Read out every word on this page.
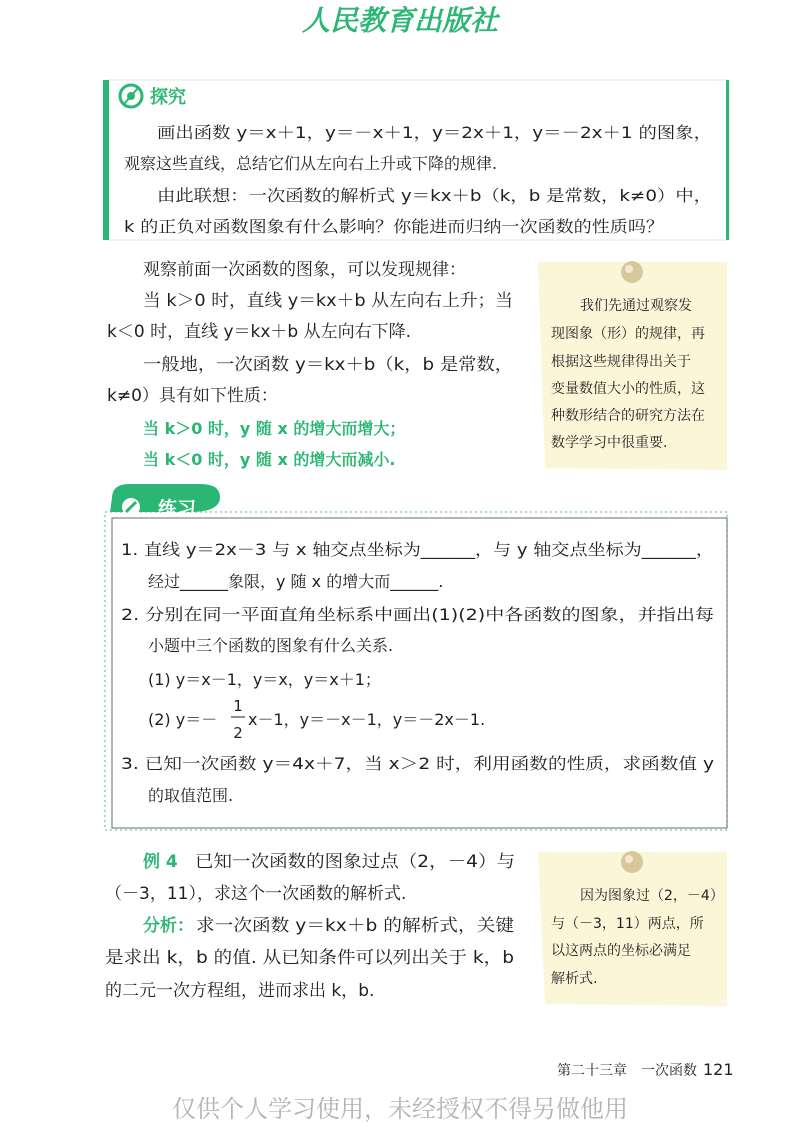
人民教育出版社
探究
画出函数 y＝x＋1，y＝－x＋1，y＝2x＋1，y＝－2x＋1 的图象，
观察这些直线，总结它们从左向右上升或下降的规律.
由此联想：一次函数的解析式 y＝kx＋b（k，b 是常数，k≠0）中，
k 的正负对函数图象有什么影响？你能进而归纳一次函数的性质吗？
观察前面一次函数的图象，可以发现规律：
当 k＞0 时，直线 y＝kx＋b 从左向右上升；当
k＜0 时，直线 y＝kx＋b 从左向右下降.
一般地，一次函数 y＝kx＋b（k，b 是常数，
k≠0）具有如下性质：
当 k＞0 时，y 随 x 的增大而增大；
当 k＜0 时，y 随 x 的增大而减小.
我们先通过观察发
现图象（形）的规律，再
根据这些规律得出关于
变量数值大小的性质，这
种数形结合的研究方法在
数学学习中很重要.
练习
1. 直线 y＝2x－3 与 x 轴交点坐标为______，与 y 轴交点坐标为______，
经过______象限，y 随 x 的增大而______.
2. 分别在同一平面直角坐标系中画出(1)(2)中各函数的图象，并指出每
小题中三个函数的图象有什么关系.
(1) y＝x－1，y＝x，y＝x＋1；
(2) y＝－
1
2
x－1，y＝－x－1，y＝－2x－1.
3. 已知一次函数 y＝4x＋7，当 x＞2 时，利用函数的性质，求函数值 y
的取值范围.
例 4 已知一次函数的图象过点（2，－4）与
（－3，11），求这个一次函数的解析式.
分析： 求一次函数 y＝kx＋b 的解析式，关键
是求出 k，b 的值. 从已知条件可以列出关于 k，b
的二元一次方程组，进而求出 k，b.
因为图象过（2，－4）
与（－3，11）两点，所
以这两点的坐标必满足
解析式.
第二十三章　一次函数 121
仅供个人学习使用，未经授权不得另做他用
